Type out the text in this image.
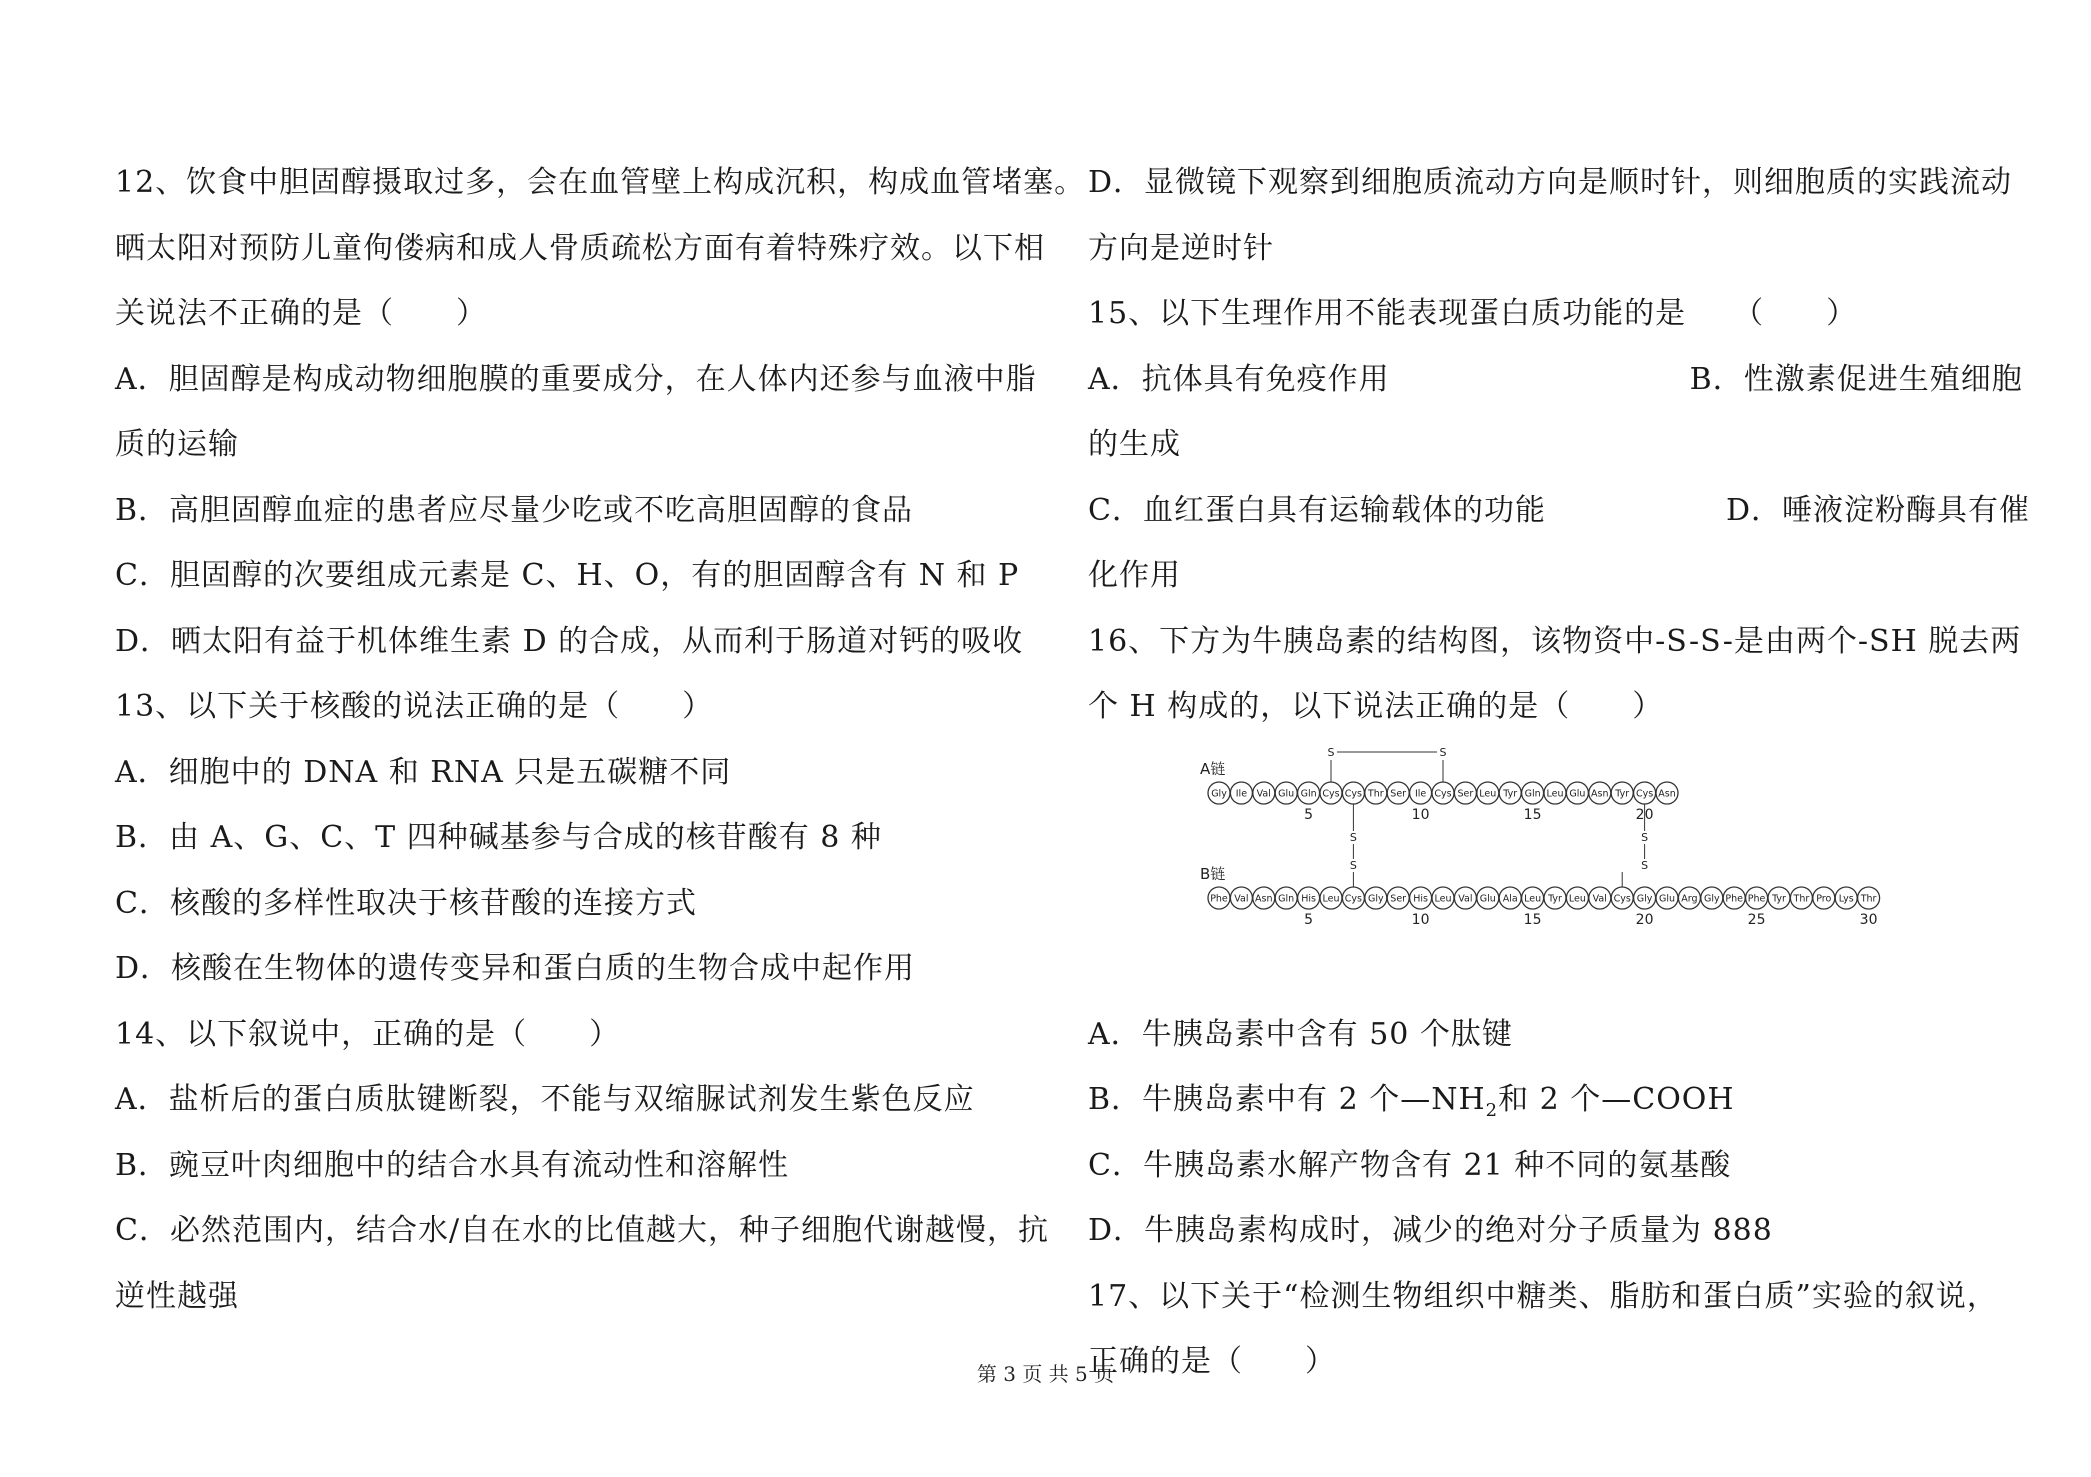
12、饮食中胆固醇摄取过多，会在血管壁上构成沉积，构成血管堵塞。
晒太阳对预防儿童佝偻病和成人骨质疏松方面有着特殊疗效。以下相
关说法不正确的是（　　）
A．胆固醇是构成动物细胞膜的重要成分，在人体内还参与血液中脂
质的运输
B．高胆固醇血症的患者应尽量少吃或不吃高胆固醇的食品
C．胆固醇的次要组成元素是 C、H、O，有的胆固醇含有 N 和 P
D．晒太阳有益于机体维生素 D 的合成，从而利于肠道对钙的吸收
13、以下关于核酸的说法正确的是（　　）
A．细胞中的 DNA 和 RNA 只是五碳糖不同
B．由 A、G、C、T 四种碱基参与合成的核苷酸有 8 种
C．核酸的多样性取决于核苷酸的连接方式
D．核酸在生物体的遗传变异和蛋白质的生物合成中起作用
14、以下叙说中，正确的是（　　）
A．盐析后的蛋白质肽键断裂，不能与双缩脲试剂发生紫色反应
B．豌豆叶肉细胞中的结合水具有流动性和溶解性
C．必然范围内，结合水/自在水的比值越大，种子细胞代谢越慢，抗
逆性越强
D．显微镜下观察到细胞质流动方向是顺时针，则细胞质的实践流动
方向是逆时针
15、以下生理作用不能表现蛋白质功能的是　　（　　）
A．抗体具有免疫作用	B．性激素促进生殖细胞
的生成
C．血红蛋白具有运输载体的功能	D．唾液淀粉酶具有催
化作用
16、下方为牛胰岛素的结构图，该物资中-S-S-是由两个-SH 脱去两
个 H 构成的，以下说法正确的是（　　）
A．牛胰岛素中含有 50 个肽键
B．牛胰岛素中有 2 个$—NH_2$和 2 个—COOH
C．牛胰岛素水解产物含有 21 种不同的氨基酸
D．牛胰岛素构成时，减少的绝对分子质量为 888
17、以下关于“检测生物组织中糖类、脂肪和蛋白质”实验的叙说，
正确的是（　　）
A链
B链
Gly Ile Val Glu Gln Cys Cys Thr Ser Ile Cys Ser Leu Tyr Gln Leu Glu Asn Tyr Cys Asn
5	10	15	20
Phe Val Asn Gln His Leu Cys Gly Ser His Leu Val Glu Ala Leu Tyr Leu Val Cys Gly Glu Arg Gly Phe Phe Tyr Thr Pro Lys Thr
5	10	15	20	25	30
S	S
S
S
S
S
第 3 页 共 5 页
